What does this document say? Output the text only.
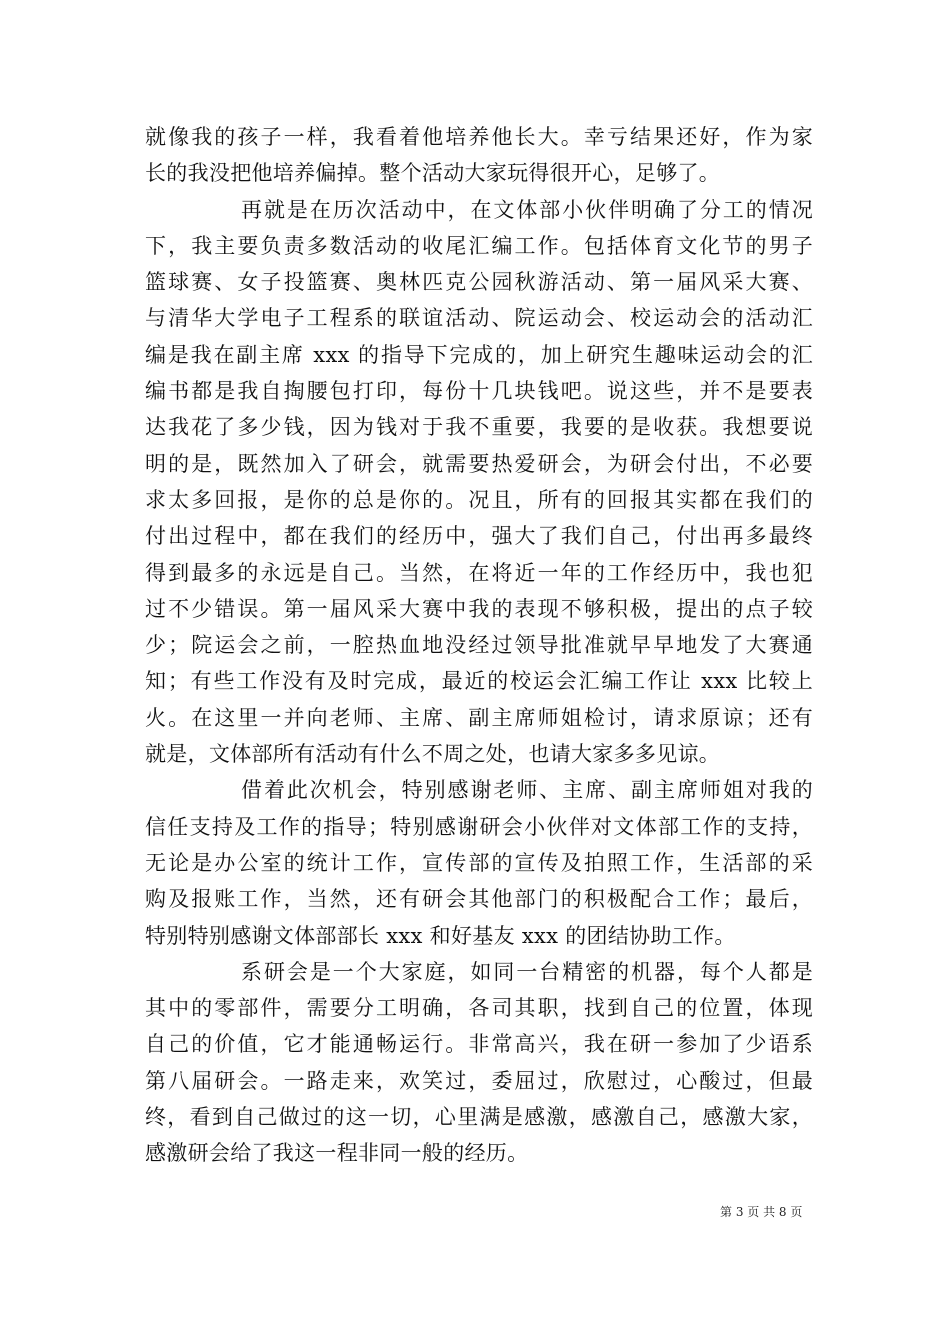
就像我的孩子一样，我看着他培养他长大。幸亏结果还好，作为家
长的我没把他培养偏掉。整个活动大家玩得很开心，足够了。
再就是在历次活动中，在文体部小伙伴明确了分工的情况
下，我主要负责多数活动的收尾汇编工作。包括体育文化节的男子
篮球赛、女子投篮赛、奥林匹克公园秋游活动、第一届风采大赛、
与清华大学电子工程系的联谊活动、院运动会、校运动会的活动汇
编是我在副主席 xxx 的指导下完成的，加上研究生趣味运动会的汇
编书都是我自掏腰包打印，每份十几块钱吧。说这些，并不是要表
达我花了多少钱，因为钱对于我不重要，我要的是收获。我想要说
明的是，既然加入了研会，就需要热爱研会，为研会付出，不必要
求太多回报，是你的总是你的。况且，所有的回报其实都在我们的
付出过程中，都在我们的经历中，强大了我们自己，付出再多最终
得到最多的永远是自己。当然，在将近一年的工作经历中，我也犯
过不少错误。第一届风采大赛中我的表现不够积极，提出的点子较
少；院运会之前，一腔热血地没经过领导批准就早早地发了大赛通
知；有些工作没有及时完成，最近的校运会汇编工作让 xxx 比较上
火。在这里一并向老师、主席、副主席师姐检讨，请求原谅；还有
就是，文体部所有活动有什么不周之处，也请大家多多见谅。
借着此次机会，特别感谢老师、主席、副主席师姐对我的
信任支持及工作的指导；特别感谢研会小伙伴对文体部工作的支持，
无论是办公室的统计工作，宣传部的宣传及拍照工作，生活部的采
购及报账工作，当然，还有研会其他部门的积极配合工作；最后，
特别特别感谢文体部部长 xxx 和好基友 xxx 的团结协助工作。
系研会是一个大家庭，如同一台精密的机器，每个人都是
其中的零部件，需要分工明确，各司其职，找到自己的位置，体现
自己的价值，它才能通畅运行。非常高兴，我在研一参加了少语系
第八届研会。一路走来，欢笑过，委屈过，欣慰过，心酸过，但最
终，看到自己做过的这一切，心里满是感激，感激自己，感激大家，
感激研会给了我这一程非同一般的经历。
第 3 页 共 8 页
